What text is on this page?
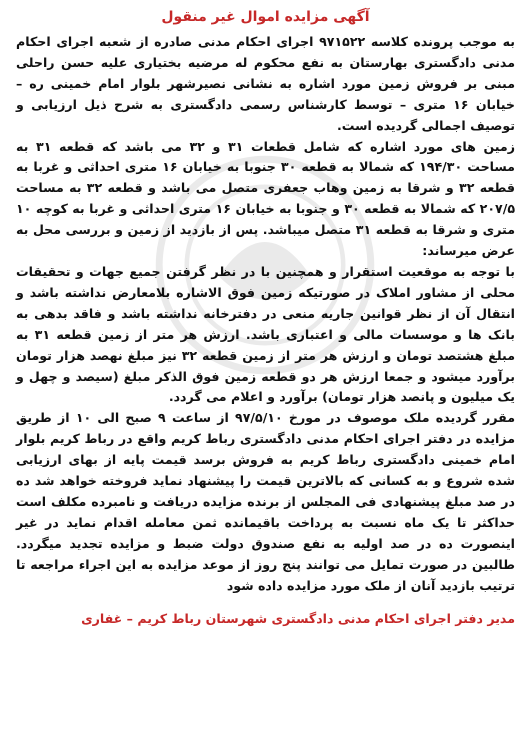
آگهی مزایده اموال غیر منقول
به موجب پرونده کلاسه ۹۷۱۵۲۲ اجرای احکام مدنی صادره از شعبه اجرای احکام مدنی دادگستری بهارستان به نفع محکوم له مرضیه بختیاری علیه حسن راحلی مبنی بر فروش زمین مورد اشاره به نشانی نصیرشهر بلوار امام خمینی ره – خیابان ۱۶ متری – توسط کارشناس رسمی دادگستری به شرح ذیل ارزیابی و توصیف اجمالی گردیده است.
زمین های مورد اشاره که شامل قطعات ۳۱ و ۳۲ می باشد که قطعه ۳۱ به مساحت ۱۹۴/۳۰ که شمالا به قطعه ۳۰ جنوبا به خیابان ۱۶ متری احداثی و غربا به قطعه ۳۲ و شرقا به زمین وهاب جعفری متصل می باشد و قطعه ۳۲ به مساحت ۲۰۷/۵ که شمالا به قطعه ۳۰ و جنوبا به خیابان ۱۶ متری احداثی و غربا به کوچه ۱۰ متری و شرقا به قطعه ۳۱ متصل میباشد. پس از بازدید از زمین و بررسی محل به عرض میرساند:
با توجه به موقعیت استقرار و همچنین با در نظر گرفتن جمیع جهات و تحقیقات محلی از مشاور املاک در صورتیکه زمین فوق الاشاره بلامعارض نداشته باشد و انتقال آن از نظر قوانین جاریه منعی در دفترخانه نداشته باشد و فاقد بدهی به بانک ها و موسسات مالی و اعتباری باشد. ارزش هر متر از زمین قطعه ۳۱ به مبلغ هشتصد تومان و ارزش هر متر از زمین قطعه ۳۲ نیز مبلغ نهصد هزار تومان برآورد میشود و جمعا ارزش هر دو قطعه زمین فوق الذکر مبلغ (سیصد و چهل و یک میلیون و پانصد هزار تومان) برآورد و اعلام می گردد.
مقرر گردیده ملک موصوف در مورخ ۹۷/۵/۱۰ از ساعت ۹ صبح الی ۱۰ از طریق مزایده در دفتر اجرای احکام مدنی دادگستری رباط کریم واقع در رباط کریم بلوار امام خمینی دادگستری رباط کریم به فروش برسد قیمت پایه از بهای ارزیابی شده شروع و به کسانی که بالاترین قیمت را پیشنهاد نماید فروخته خواهد شد ده در صد مبلغ پیشنهادی فی المجلس از برنده مزایده دریافت و نامبرده مکلف است حداکثر تا یک ماه نسبت به پرداخت باقیمانده ثمن معامله اقدام نماید در غیر اینصورت ده در صد اولیه به نفع صندوق دولت ضبط و مزایده تجدید میگردد. طالبین در صورت تمایل می توانند پنج روز از موعد مزایده به این اجراء مراجعه تا ترتیب بازدید آنان از ملک مورد مزایده داده شود
مدیر دفتر اجرای احکام مدنی دادگستری شهرستان رباط کریم – غفاری
